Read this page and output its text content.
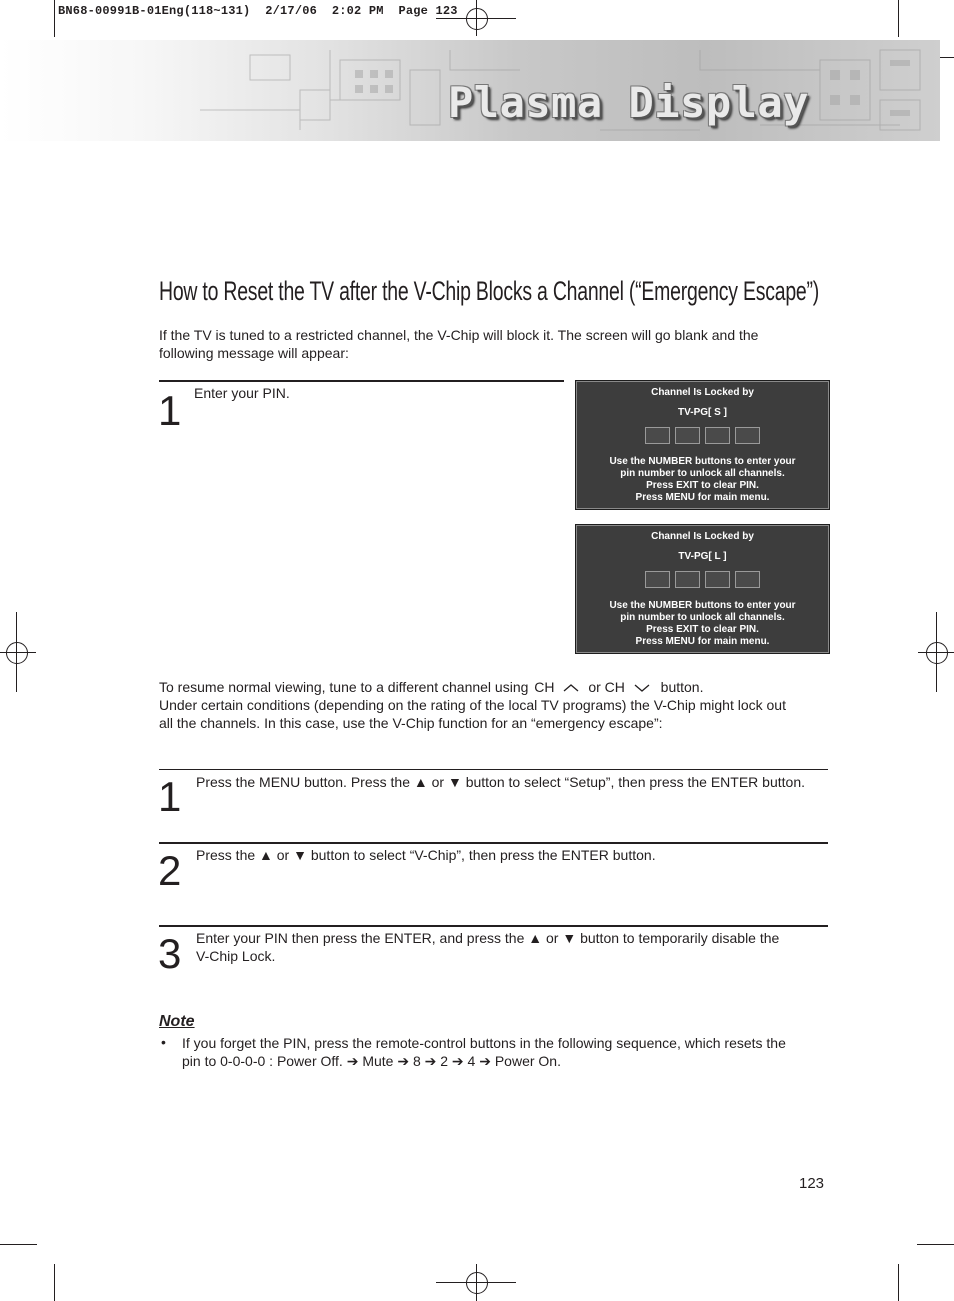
BN68-00991B-01Eng(118~131)  2/17/06  2:02 PM  Page 123
Plasma Display
How to Reset the TV after the V-Chip Blocks a Channel (“Emergency Escape”)
If the TV is tuned to a restricted channel, the V-Chip will block it. The screen will go blank and the
following message will appear:
1 Enter your PIN.	Channel Is Locked by
TV-PG[ S ]
Use the NUMBER buttons to enter your
pin number to unlock all channels.
Press EXIT to clear PIN.
Press MENU for main menu.
Channel Is Locked by
TV-PG[ L ]
Use the NUMBER buttons to enter your
pin number to unlock all channels.
Press EXIT to clear PIN.
Press MENU for main menu.
To resume normal viewing, tune to a different channel using CH or CH	button.
Under certain conditions (depending on the rating of the local TV programs) the V-Chip might lock out
all the channels. In this case, use the V-Chip function for an “emergency escape”:
1 Press the MENU button. Press the ▲ or ▼ button to select “Setup”, then press the ENTER button.
2 Press the ▲ or ▼ button to select “V-Chip”, then press the ENTER button.
3 Enter your PIN then press the ENTER, and press the ▲ or ▼ button to temporarily disable the
V-Chip Lock.
Note
• If you forget the PIN, press the remote-control buttons in the following sequence, which resets the
pin to 0-0-0-0 : Power Off. ➔ Mute ➔ 8 ➔ 2 ➔ 4 ➔ Power On.
123
